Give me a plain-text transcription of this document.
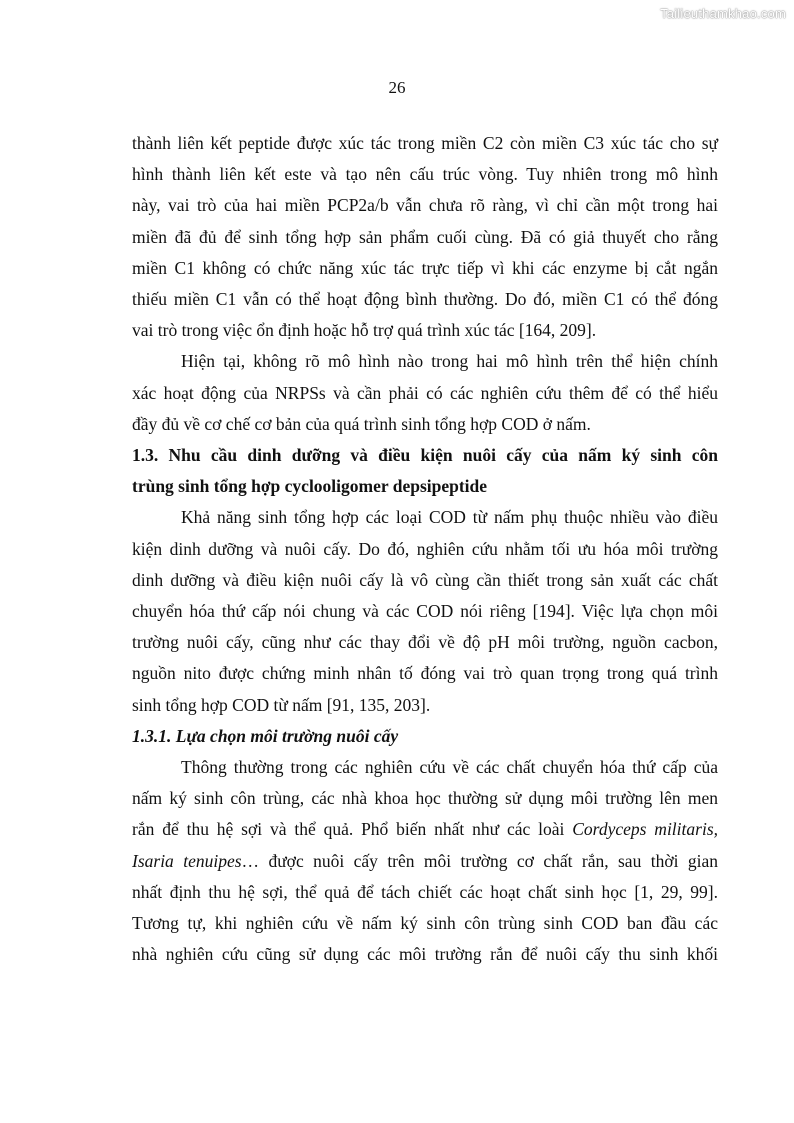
Tailieuthamkhao.com
26

thành liên kết peptide được xúc tác trong miền C2 còn miền C3 xúc tác cho sự
hình thành liên kết este và tạo nên cấu trúc vòng. Tuy nhiên trong mô hình
này, vai trò của hai miền PCP2a/b vẫn chưa rõ ràng, vì chỉ cần một trong hai
miền đã đủ để sinh tổng hợp sản phẩm cuối cùng. Đã có giả thuyết cho rằng
miền C1 không có chức năng xúc tác trực tiếp vì khi các enzyme bị cắt ngắn
thiếu miền C1 vẫn có thể hoạt động bình thường. Do đó, miền C1 có thể đóng
vai trò trong việc ổn định hoặc hỗ trợ quá trình xúc tác [164, 209].

Hiện tại, không rõ mô hình nào trong hai mô hình trên thể hiện chính
xác hoạt động của NRPSs và cần phải có các nghiên cứu thêm để có thể hiểu
đầy đủ về cơ chế cơ bản của quá trình sinh tổng hợp COD ở nấm.

1.3. Nhu cầu dinh dưỡng và điều kiện nuôi cấy của nấm ký sinh côn
trùng sinh tổng hợp cyclooligomer depsipeptide

Khả năng sinh tổng hợp các loại COD từ nấm phụ thuộc nhiều vào điều
kiện dinh dưỡng và nuôi cấy. Do đó, nghiên cứu nhằm tối ưu hóa môi trường
dinh dưỡng và điều kiện nuôi cấy là vô cùng cần thiết trong sản xuất các chất
chuyển hóa thứ cấp nói chung và các COD nói riêng [194]. Việc lựa chọn môi
trường nuôi cấy, cũng như các thay đổi về độ pH môi trường, nguồn cacbon,
nguồn nito được chứng minh nhân tố đóng vai trò quan trọng trong quá trình
sinh tổng hợp COD từ nấm [91, 135, 203].

1.3.1. Lựa chọn môi trường nuôi cấy

Thông thường trong các nghiên cứu về các chất chuyển hóa thứ cấp của
nấm ký sinh côn trùng, các nhà khoa học thường sử dụng môi trường lên men
rắn để thu hệ sợi và thể quả. Phổ biến nhất như các loài Cordyceps militaris,
Isaria tenuipes… được nuôi cấy trên môi trường cơ chất rắn, sau thời gian
nhất định thu hệ sợi, thể quả để tách chiết các hoạt chất sinh học [1, 29, 99].
Tương tự, khi nghiên cứu về nấm ký sinh côn trùng sinh COD ban đầu các
nhà nghiên cứu cũng sử dụng các môi trường rắn để nuôi cấy thu sinh khối
